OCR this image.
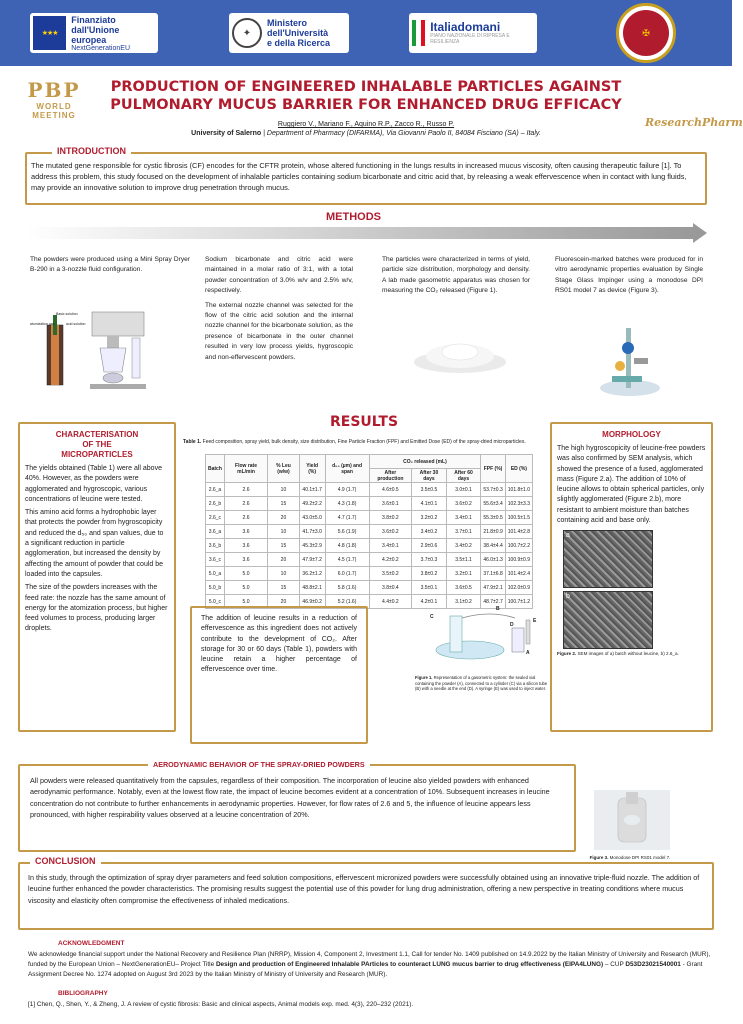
★★★
Finanziato
dall'Unione europea
NextGenerationEU
✦
Ministero
dell'Università
e della Ricerca
Italiadomani
PIANO NAZIONALE DI RIPRESA E RESILIENZA
✠
PBP
WORLD MEETING
ResearchPharm
PRODUCTION OF ENGINEERED INHALABLE PARTICLES AGAINST
PULMONARY MUCUS BARRIER FOR ENHANCED DRUG EFFICACY
Ruggiero V., Mariano F., Aquino R.P., Zacco R., Russo P.
University of Salerno | Department of Pharmacy (DIFARMA), Via Giovanni Paolo II, 84084 Fisciano (SA) – Italy.
The mutated gene responsible for cystic fibrosis (CF) encodes for the CFTR protein, whose altered functioning in the lungs results in increased mucus viscosity, often causing therapeutic failure [1]. To address this problem, this study focused on the development of inhalable particles containing sodium bicarbonate and citric acid that, by releasing a weak effervescence when in contact with lung fluids, may provide an innovative solution to improve drug penetration through mucus.
INTRODUCTION
METHODS
The powders were produced using a Mini Spray Dryer B-290 in a 3-nozzle fluid configuration.
Basic solution
atomization gas	acid solution
Sodium bicarbonate and citric acid were maintained in a molar ratio of 3:1, with a total powder concentration of 3.0% w/v and 2.5% w/v, respectively.
The external nozzle channel was selected for the flow of the citric acid solution and the internal nozzle channel for the bicarbonate solution, as the presence of bicarbonate in the outer channel resulted in very low process yields, hygroscopic and non-effervescent powders.
The particles were characterized in terms of yield, particle size distribution, morphology and density. A lab made gasometric apparatus was chosen for measuring the CO₂ released (Figure 1).
Fluorescein-marked batches were produced for in vitro aerodynamic properties evaluation by Single Stage Glass Impinger using a monodose DPI RS01 model 7 as device (Figure 3).
RESULTS
CHARACTERISATION
OF THE
MICROPARTICLES
The yields obtained (Table 1) were all above 40%. However, as the powders were agglomerated and hygroscopic, various concentrations of leucine were tested.
This amino acid forms a hydrophobic layer that protects the powder from hygroscopicity and reduced the d₅₀ and span values, due to a significant reduction in particle agglomeration, but increased the density by affecting the amount of powder that could be loaded into the capsules.
The size of the powders increases with the feed rate: the nozzle has the same amount of energy for the atomization process, but higher feed volumes to process, producing larger droplets.
Table 1. Feed composition, spray yield, bulk density, size distribution, Fine Particle Fraction (FPF) and Emitted Dose (ED) of the spray-dried microparticles.
Batch	Flow rate mL/min	% Leu (w/w)	Yield (%)	d₅₀ (µm) and span	CO₂ released (mL)			FPF (%)	ED (%)
					After production	After 30 days	After 60 days		
2.6_a	2.6	10	40.1±1.7	4.9 (1.7)	4.6±0.5	3.5±0.5	3.0±0.1	53.7±0.3	101.8±1.0
2.6_b	2.6	15	49.2±2.2	4.3 (1.8)	3.6±0.1	4.1±0.1	3.6±0.2	55.6±3.4	102.3±3.3
2.6_c	2.6	20	43.0±5.0	4.7 (1.7)	3.8±0.2	3.2±0.2	3.4±0.1	55.3±0.5	100.5±1.5
3.6_a	3.6	10	41.7±3.0	5.6 (1.9)	3.6±0.2	3.4±0.2	3.7±0.1	21.8±0.9	101.4±2.8
3.6_b	3.6	15	45.3±2.9	4.8 (1.8)	3.4±0.1	2.9±0.6	3.4±0.2	38.4±4.4	100.7±2.2
3.6_c	3.6	20	47.9±7.2	4.5 (1.7)	4.2±0.2	3.7±0.3	3.5±1.1	46.0±1.3	100.9±0.9
5.0_a	5.0	10	36.2±1.2	6.0 (1.7)	3.5±0.2	3.8±0.2	3.2±0.1	37.1±6.8	101.4±2.4
5.0_b	5.0	15	48.8±2.1	5.8 (1.6)	3.8±0.4	3.5±0.1	3.6±0.5	47.9±2.1	102.0±0.9
5.0_c	5.0	20	46.9±0.2	5.2 (1.6)	4.4±0.2	4.2±0.1	3.1±0.2	48.7±2.7	100.7±1.2
The addition of leucine results in a reduction of effervescence as this ingredient does not actively contribute to the development of CO₂. After storage for 30 or 60 days (Table 1), powders with leucine retain a higher percentage of effervescence over time.
C
B
D
E
A
Figure 1. Representation of a gasometric system: the sealed vial containing the powder (A), connected to a cylinder (C) via a silicon tube (B) with a needle at the end (D). A syringe (E) was used to inject water.
MORPHOLOGY
The high hygroscopicity of leucine-free powders was also confirmed by SEM analysis, which showed the presence of a fused, agglomerated mass (Figure 2.a). The addition of 10% of leucine allows to obtain spherical particles, only slightly agglomerated (Figure 2.b), more resistant to ambient moisture than batches containing acid and base only.
a
b
Figure 2. SEM images of a) batch without leucine, b) 2.6_a.
All powders were released quantitatively from the capsules, regardless of their composition. The incorporation of leucine also yielded powders with enhanced aerodynamic performance. Notably, even at the lowest flow rate, the impact of leucine becomes evident at a concentration of 10%. Subsequent increases in leucine concentration do not contribute to further enhancements in aerodynamic properties. However, for flow rates of 2.6 and 5, the influence of leucine appears less pronounced, with higher respirability values observed at a leucine concentration of 20%.
AERODYNAMIC BEHAVIOR OF THE SPRAY-DRIED POWDERS
Figure 3. Monodose DPI RS01 model 7.
In this study, through the optimization of spray dryer parameters and feed solution compositions, effervescent micronized powders were successfully obtained using an innovative triple-fluid nozzle. The addition of leucine further enhanced the powder characteristics. The promising results suggest the potential use of this powder for lung drug administration, offering a new perspective in treating conditions where mucus viscosity and elasticity often compromise the effectiveness of inhaled medications.
CONCLUSION
ACKNOWLEDGMENT
We acknowledge financial support under the National Recovery and Resilience Plan (NRRP), Mission 4, Component 2, Investment 1.1, Call for tender No. 1409 published on 14.9.2022 by the Italian Ministry of University and Research (MUR), funded by the European Union – NextGenerationEU– Project Title Design and production of Engineered Inhalable PArticles to counteract LUNG mucus barrier to drug effectiveness (EIPA4LUNG) – CUP D53D23021540001 - Grant Assignment Decree No. 1274 adopted on August 3rd 2023 by the Italian Ministry of Ministry of University and Research (MUR).
BIBLIOGRAPHY
[1] Chen, Q., Shen, Y., & Zheng, J. A review of cystic fibrosis: Basic and clinical aspects, Animal models exp. med. 4(3), 220–232 (2021).
